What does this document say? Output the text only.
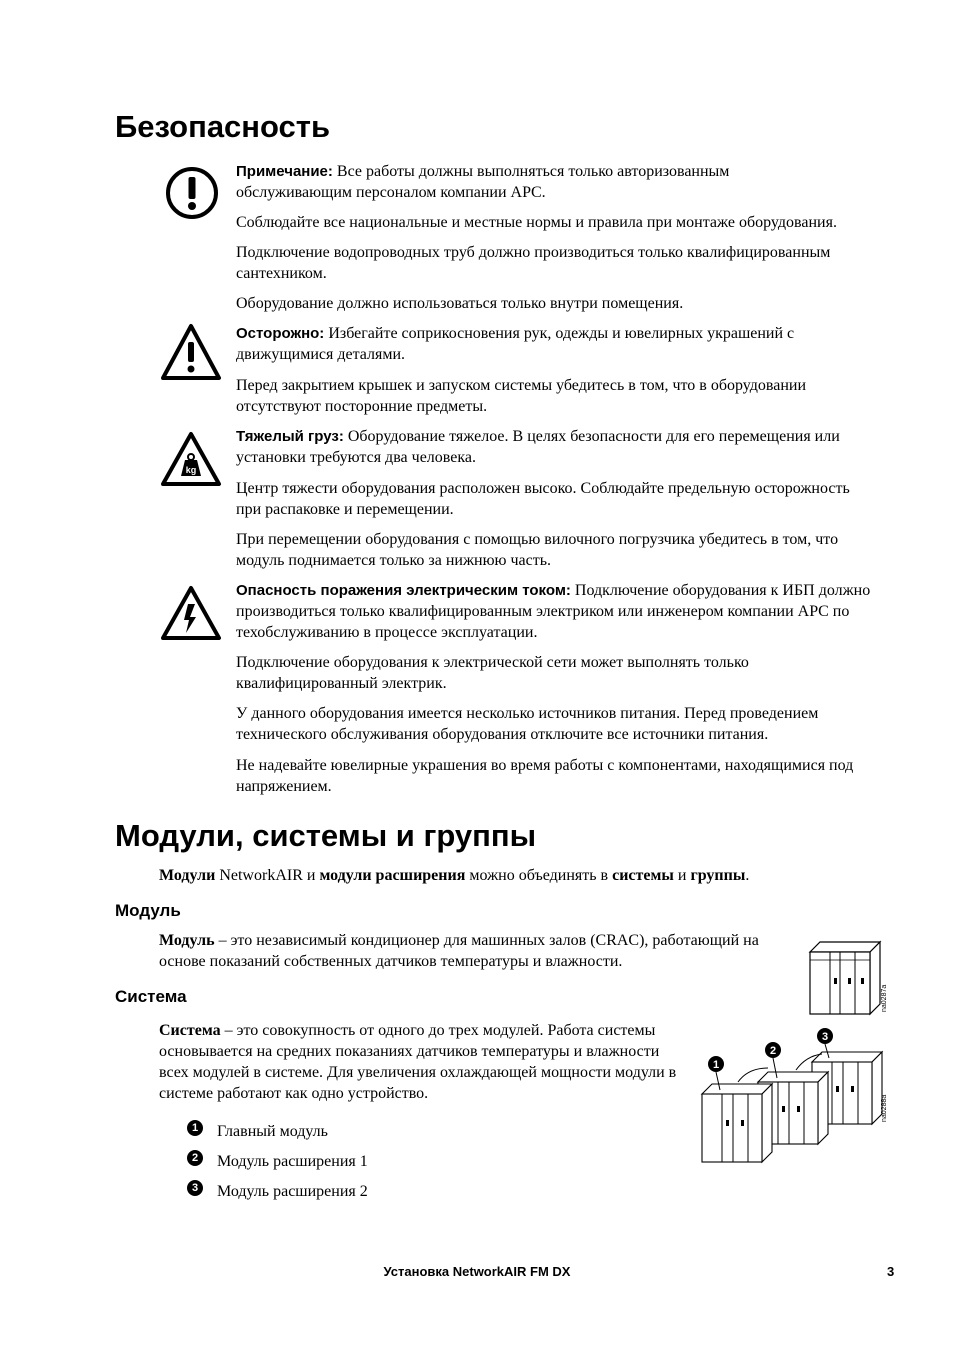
Безопасность

Примечание: Все работы должны выполняться только авторизованным обслуживающим персоналом компании APC.

Соблюдайте все национальные и местные нормы и правила при монтаже оборудования.

Подключение водопроводных труб должно производиться только квалифицированным сантехником.

Оборудование должно использоваться только внутри помещения.

Осторожно: Избегайте соприкосновения рук, одежды и ювелирных украшений с движущимися деталями.

Перед закрытием крышек и запуском системы убедитесь в том, что в оборудовании отсутствуют посторонние предметы.

kg

Тяжелый груз: Оборудование тяжелое. В целях безопасности для его перемещения или установки требуются два человека.

Центр тяжести оборудования расположен высоко. Соблюдайте предельную осторожность при распаковке и перемещении.

При перемещении оборудования с помощью вилочного погрузчика убедитесь в том, что модуль поднимается только за нижнюю часть.

Опасность поражения электрическим током: Подключение оборудования к ИБП должно производиться только квалифицированным электриком или инженером компании APC по техобслуживанию в процессе эксплуатации.

Подключение оборудования к электрической сети может выполнять только квалифицированный электрик.

У данного оборудования имеется несколько источников питания. Перед проведением технического обслуживания оборудования отключите все источники питания.

Не надевайте ювелирные украшения во время работы с компонентами, находящимися под напряжением.

Модули, системы и группы

Модули NetworkAIR и модули расширения можно объединять в системы и группы.

Модуль

Модуль – это независимый кондиционер для машинных залов (CRAC), работающий на основе показаний собственных датчиков температуры и влажности.

na0287a
Система

Система – это совокупность от одного до трех модулей. Работа системы основывается на средних показаниях датчиков температуры и влажности всех модулей в системе. Для увеличения охлаждающей мощности модули в системе работают как одно устройство.

1
2
3
na0288a
1	Главный модуль

2	Модуль расширения 1

3	Модуль расширения 2

Установка NetworkAIR FM DX	3
